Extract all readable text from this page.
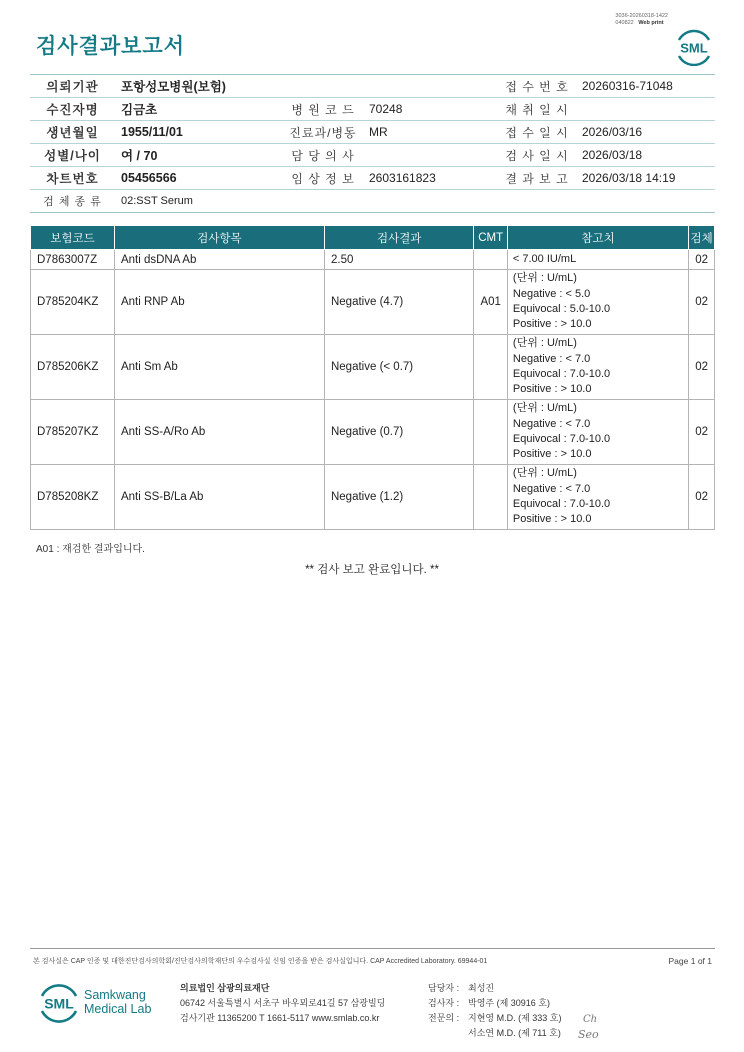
검사결과보고서
3036-20260318-1422
040822 Web print
SML
의뢰기관	포항성모병원(보험)			접 수 번 호	20260316-71048
수진자명	김금초	병 원 코 드	70248	채 취 일 시	
생년월일	1955/11/01	진료과/병동	MR	접 수 일 시	2026/03/16
성별/나이	여 / 70	담 당 의 사		검 사 일 시	2026/03/18
차트번호	05456566	임 상 정 보	2603161823	결 과 보 고	2026/03/18 14:19
검 체 종 류	02:SST Serum				
보험코드	검사항목	검사결과	CMT	참고치	검체
D7863007Z	Anti dsDNA Ab	2.50		< 7.00 IU/mL	02
D785204KZ	Anti RNP Ab	Negative (4.7)	A01	(단위 : U/mL)
Negative : < 5.0
Equivocal : 5.0-10.0
Positive : > 10.0	02
D785206KZ	Anti Sm Ab	Negative (< 0.7)		(단위 : U/mL)
Negative : < 7.0
Equivocal : 7.0-10.0
Positive : > 10.0	02
D785207KZ	Anti SS-A/Ro Ab	Negative (0.7)		(단위 : U/mL)
Negative : < 7.0
Equivocal : 7.0-10.0
Positive : > 10.0	02
D785208KZ	Anti SS-B/La Ab	Negative (1.2)		(단위 : U/mL)
Negative : < 7.0
Equivocal : 7.0-10.0
Positive : > 10.0	02
A01 : 재검한 결과입니다.
** 검사 보고 완료입니다. **
본 검사실은 CAP 인증 및 대한진단검사의학회/진단검사의학재단의 우수검사실 신임 인증을 받은 검사실입니다. CAP Accredited Laboratory. 69944-01	Page 1 of 1
SML
Samkwang
Medical Lab
의료법인 삼광의료재단
06742 서울특별시 서초구 바우뫼로41길 57 삼광빌딩
검사기관 11365200 T 1661-5117 www.smlab.co.kr
담당자 : 최성진
검사자 : 박영주 (제 30916 호)
전문의 : 지현영 M.D. (제 333 호)
서소연 M.D. (제 711 호)
Ch
Seo
